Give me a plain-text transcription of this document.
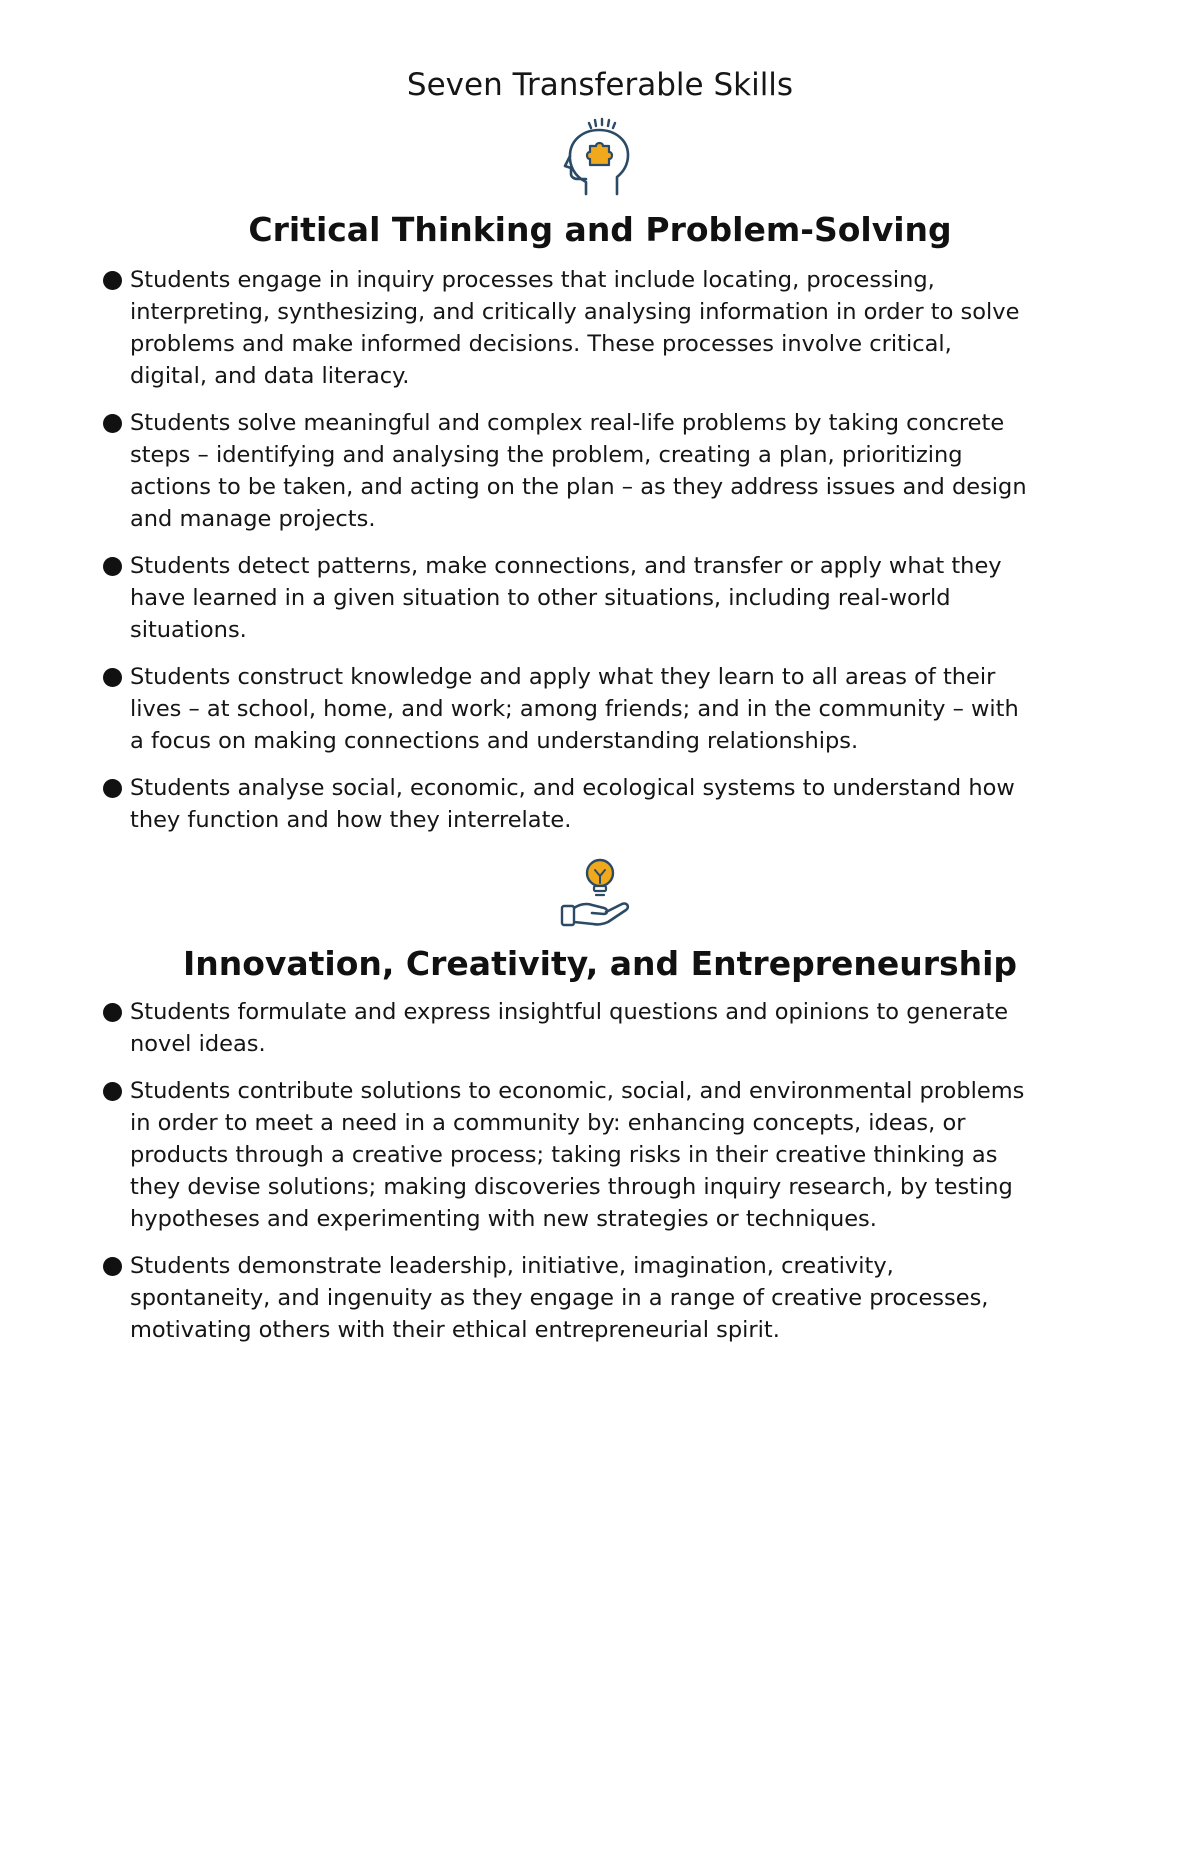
Seven Transferable Skills
Critical Thinking and Problem-Solving
Students engage in inquiry processes that include locating, processing, interpreting, synthesizing, and critically analysing information in order to solve problems and make informed decisions. These processes involve critical, digital, and data literacy.
Students solve meaningful and complex real-life problems by taking concrete steps – identifying and analysing the problem, creating a plan, prioritizing actions to be taken, and acting on the plan – as they address issues and design and manage projects.
Students detect patterns, make connections, and transfer or apply what they have learned in a given situation to other situations, including real-world situations.
Students construct knowledge and apply what they learn to all areas of their lives – at school, home, and work; among friends; and in the community – with a focus on making connections and understanding relationships.
Students analyse social, economic, and ecological systems to understand how they function and how they interrelate.
Innovation, Creativity, and Entrepreneurship
Students formulate and express insightful questions and opinions to generate novel ideas.
Students contribute solutions to economic, social, and environmental problems in order to meet a need in a community by: enhancing concepts, ideas, or products through a creative process; taking risks in their creative thinking as they devise solutions; making discoveries through inquiry research, by testing hypotheses and experimenting with new strategies or techniques.
Students demonstrate leadership, initiative, imagination, creativity, spontaneity, and ingenuity as they engage in a range of creative processes, motivating others with their ethical entrepreneurial spirit.
